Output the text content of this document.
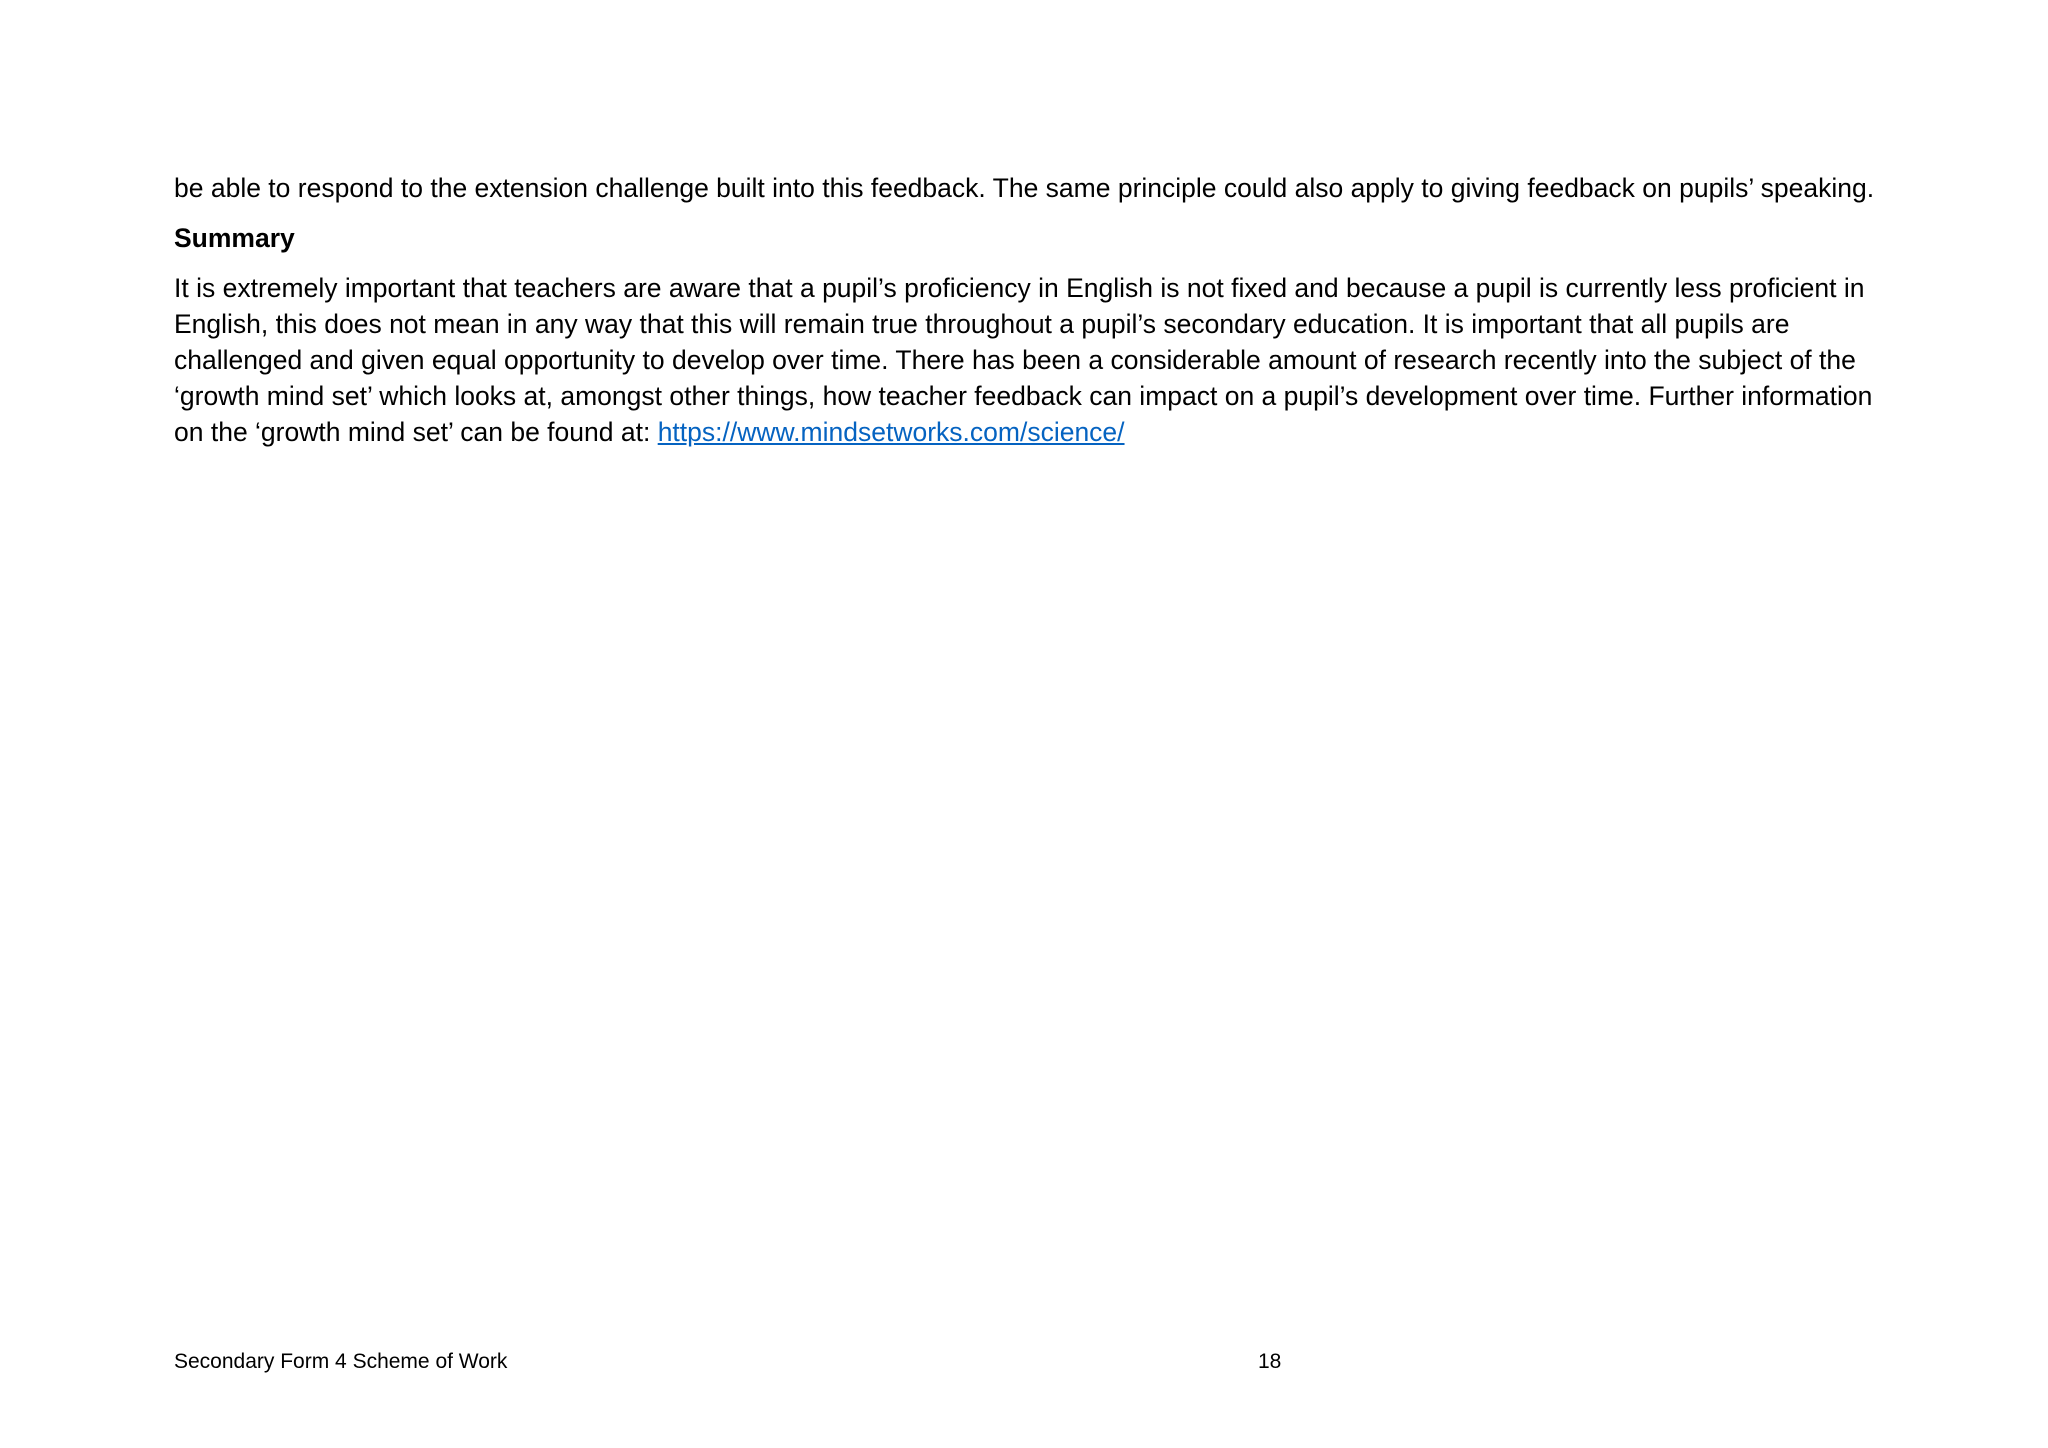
be able to respond to the extension challenge built into this feedback. The same principle could also apply to giving feedback on pupils’ speaking.

Summary

It is extremely important that teachers are aware that a pupil’s proficiency in English is not fixed and because a pupil is currently less proficient in English, this does not mean in any way that this will remain true throughout a pupil’s secondary education. It is important that all pupils are challenged and given equal opportunity to develop over time. There has been a considerable amount of research recently into the subject of the ‘growth mind set’ which looks at, amongst other things, how teacher feedback can impact on a pupil’s development over time. Further information on the ‘growth mind set’ can be found at: https://www.mindsetworks.com/science/

Secondary Form 4 Scheme of Work	18
